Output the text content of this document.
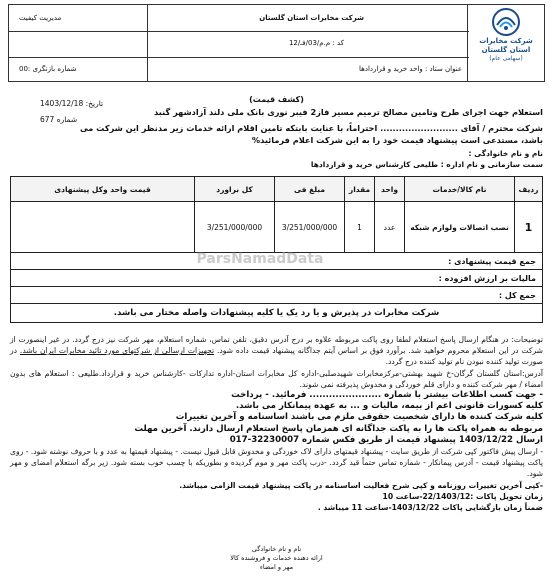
شرکت مخابرات استان گلستان
(سهامی عام)
شرکت مخابرات استان گلستان
مدیریت کیفیت
کد : م.م/03/فـ/12
عنوان ستاد : واحد خرید و قراردادها
شماره بازنگری :00
تاریخ: 1403/12/18
شماره 677
(کشف قیمت)
استعلام جهت اجرای طرح وتامین مصالح ترمیم مسیر فاز2 فیبر نوری بانک ملی دلند آزادشهر گنبد
شرکت محترم / آقای ......................... احتراماً، با عنایت بابتکه تامین اقلام ارائه خدمات زیر مدنظر این شرکت می
باشد، مستدعی است پیشنهاد قیمت خود را به این شرکت اعلام فرمائید%
نام و نام خانوادگی :
سمت سازمانی و نام اداره : طلیعی کارشناس خرید و قراردادها
ردیف
نام کالا/خدمات
واحد
مقدار
مبلغ فی
کل براورد
قیمت واحد وکل پیشنهادی
1
نصب اتصالات ولوازم شبکه
عدد
1
3/251/000/000
3/251/000/000
جمع قیمت پیشنهادی :
مالیات بر ارزش افزوده :
جمع کل :
شرکت مخابرات در پذیرش و یا رد یک یا کلیه پیشنهادات واصله مختار می باشد.
ParsNamadData

توضیحات: در هنگام ارسال پاسخ استعلام لطفا روی پاکت مربوطه علاوه بر درج آدرس دقیق، تلفن تماس، شماره استعلام، مهر شرکت نیز درج گردد. در غیر اینصورت از شرکت در این استعلام محروم خواهید شد. برآورد فوق بر اساس آیتم جداگانه پیشنهاد قیمت داده شود. تجهیزات ارسالی از شرکتهای مورد تائید مخابرات ایران باشد. در صورت تولید کننده نبودن نام تولید کننده درج گردد.

آدرس:استان گلستان گرگان-خ شهید بهشتی-مرکزمخابرات شهیدصلبی-اداره کل مخابرات استان-اداره تدارکات -کارشناس خرید و قرارداد.طلیعی : استعلام های بدون امضاء / مهر شرکت کننده و دارای قلم خوردگی و مخدوش پذیرفته نمی شوند.

- جهت کسب اطلاعات بیشتر با شماره ...................... فرمائید. - پرداخت

کلیه کسورات قانونی اعم از بیمه، مالیات و ... به عهده پیمانکار می باشد.

کلیه شرکت کننده ها دارای شخصیت حقوقی ملزم می باشند اساسنامه و آخرین تغییرات

مربوطه به همراه پاکت ها را به پاکت جداگانه ای همزمان پاسخ استعلام ارسال دارند. آخرین مهلت

ارسال 1403/12/22 پیشنهاد قیمت از طریق فکس شماره 32230007-017

- ارسال پیش فاکتور کپی شرکت از طریق سایت - پیشنهاد قیمتهای دارای لاک خوردگی و مخدوش قابل قبول نیست. - پیشنهاد قیمتها به عدد و با حروف نوشته شود. - روی پاکت پیشنهاد قیمت - آدرس پیمانکار - شماره تماس حتماً قید گردد. -درب پاکت مهر و موم گردیده و بطوریکه با چسب خوب بسته شود. زیر برگه استعلام امضای و مهر شود.

-کپی آخرین تغییرات روزنامه و کپی شرح فعالیت اساسنامه در پاکت پیشنهاد قیمت الزامی میباشد.

زمان تحویل پاکات :22/1403/12-ساعت 10

ضمناً زمان بازگشایی پاکات 1403/12/22-ساعت 11 میباشد .

نام و نام خانوادگی
ارائه دهنده خدمات و فروشنده کالا
مهر و امضاء
